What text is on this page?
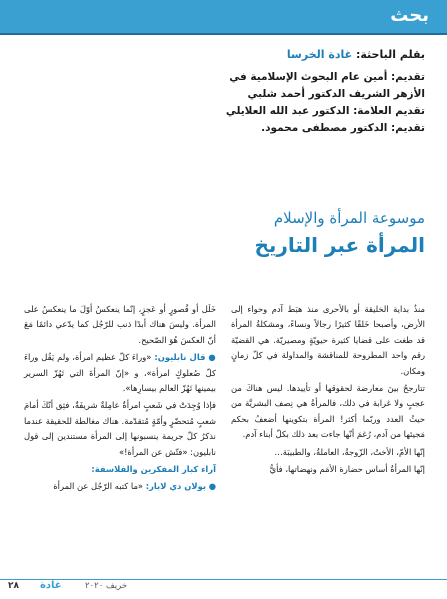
بحث
بقلم الباحثة: غادة الخرسا
تقديم: أمين عام البحوث الإسلامية في
الأزهر الشريف الدكتور أحمد شلبي
تقديم العلامة: الدكتور عبد الله العلايلي
تقديم: الدكتور مصطفى محمود.
موسوعة المرأة والإسلام
المرأة عبر التاريخ

منذُ بداية الخليقة أو بالأحرى منذ هبَط آدم وحواء إلى الأرض، وأصبحا خَلقًا كثيرًا رجالاً ونساءً، ومشكلةُ المرأة قد طغت على قضايا كثيرة حيويّةٍ ومصيريّة. هي القضيّة رقم واحد المطروحة للمناقشة والمداولة في كلّ زمانٍ ومكان.

تتارجحُ بينَ معارضة لحقوقها أو تأييدها. ليس هناكَ من عجبٍ ولا غرابة في ذلك، فالمرأةُ هي نِصف البشريَّة من حيثُ العدد وربّما أكثر! المرأة بتكوينها أضعفُ بحكم مَجيئها من آدم، رُغمَ أنّها جاءت بعد ذلك بكلّ أبناء آدم.

إنّها الأمّ، الأختُ، الزّوجةُ، العاملةُ، والطبيبَة…

إنّها المرأةُ أساس حضارة الأمَم ونهضاتها، فأيُّ

خَلَل أو قُصورٍ أو عَجزٍ، إنّما ينعكسُ أوّلَ ما ينعكسُ على المرأة. وليسَ هناك أبدًا ذنب للرّجُل كما يدّعي دائمًا مَعَ أنّ العكسَ هُوَ الصّحيح.

● قال نابليون: «وراءَ كلّ عظيم امرأة، ولم يَقُل وراءَ كلّ صُعلوكٍ امرأة»، و «إنّ المرأةَ التي تَهُزّ السرير بيمينها تَهُزّ العالم بيسارِها».

فإذا وُجِدَتْ في شَعبٍ امرأةٌ عامِلةٌ شريفَةٌ، فثِق أنّكَ أمامَ شعبٍ مُتحضّرٍ وأمّةٍ مُتقدّمة. هناك مغالطة للحقيقة عندما نذكرُ كلّ جريمة ينسبونها إلى المرأة مستندين إلى قول نابليون: «فتّش عن المرأة!»

آراء كبار المفكرين والفلاسفة:

● بولان دي لابار: «ما كتبه الرّجُل عن المرأة

٢٨ غادة	خريف ٢٠٢٠
